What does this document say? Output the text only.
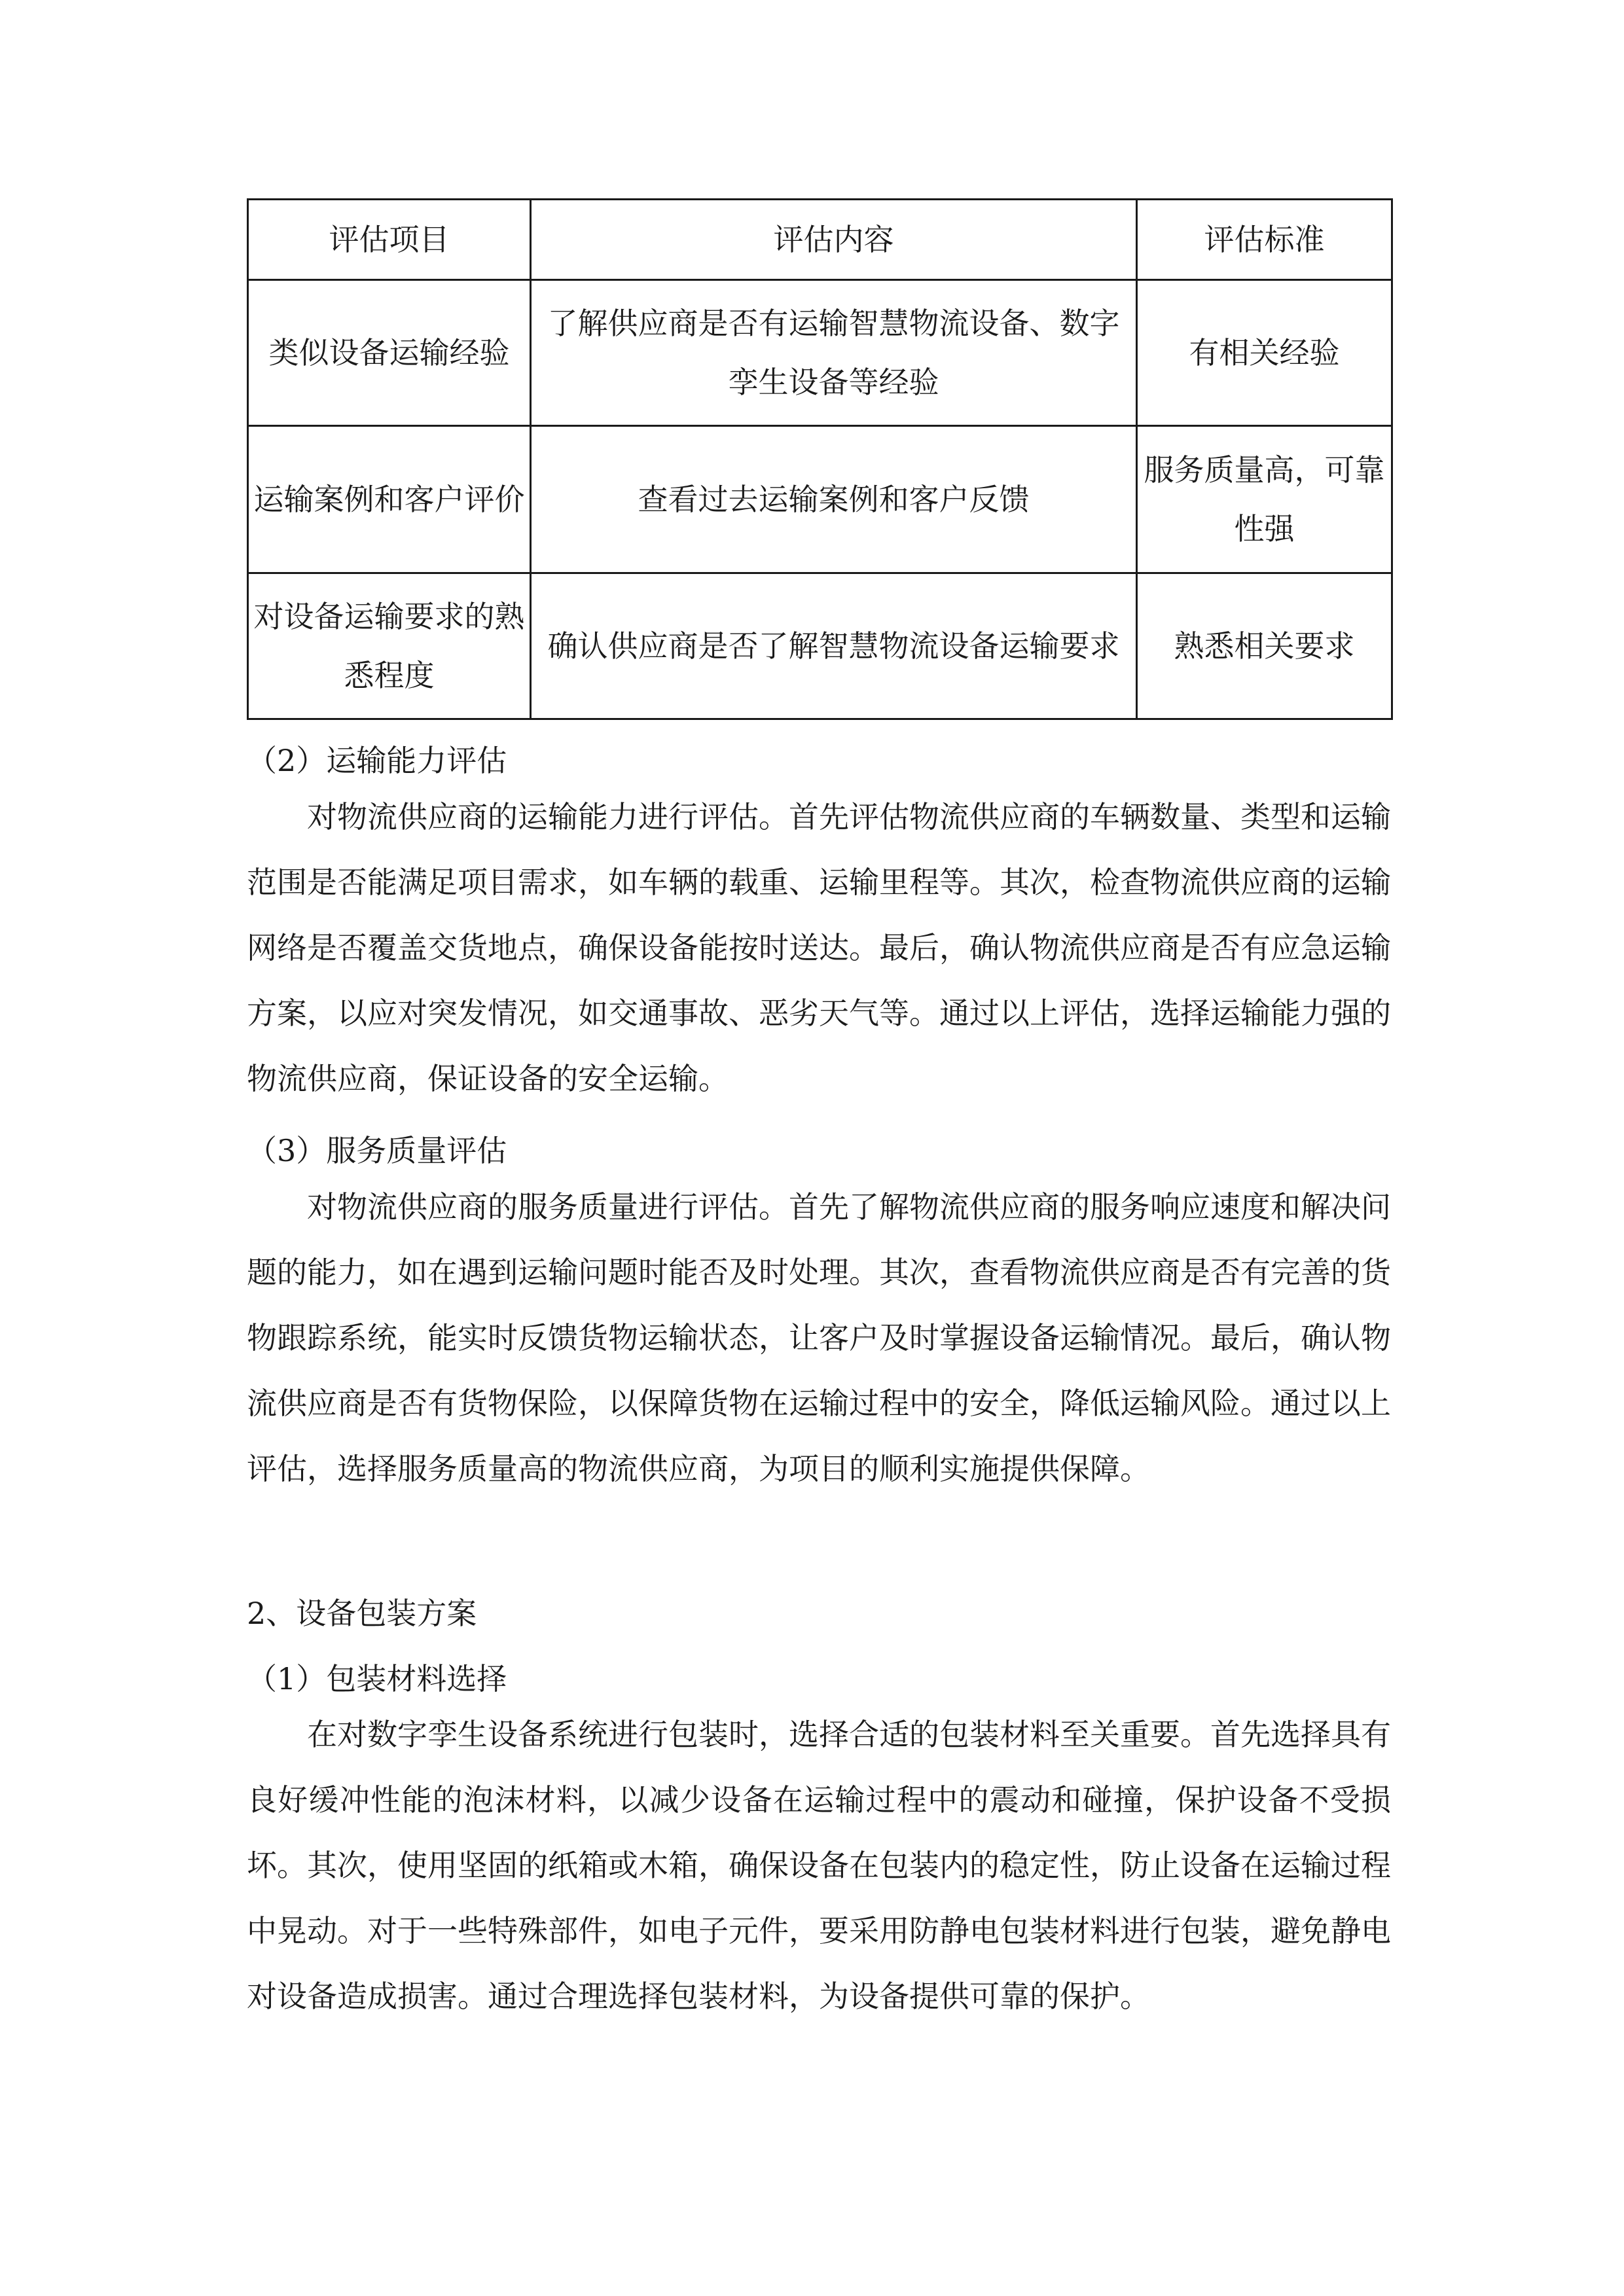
评估项目	评估内容	评估标准
类似设备运输经验	了解供应商是否有运输智慧物流设备、数字孪生设备等经验	有相关经验
运输案例和客户评价	查看过去运输案例和客户反馈	服务质量高，可靠性强
对设备运输要求的熟悉程度	确认供应商是否了解智慧物流设备运输要求	熟悉相关要求
（2）运输能力评估
对物流供应商的运输能力进行评估。首先评估物流供应商的车辆数量、类型和运输范围是否能满足项目需求，如车辆的载重、运输里程等。其次，检查物流供应商的运输网络是否覆盖交货地点，确保设备能按时送达。最后，确认物流供应商是否有应急运输方案，以应对突发情况，如交通事故、恶劣天气等。通过以上评估，选择运输能力强的物流供应商，保证设备的安全运输。
（3）服务质量评估
对物流供应商的服务质量进行评估。首先了解物流供应商的服务响应速度和解决问题的能力，如在遇到运输问题时能否及时处理。其次，查看物流供应商是否有完善的货物跟踪系统，能实时反馈货物运输状态，让客户及时掌握设备运输情况。最后，确认物流供应商是否有货物保险，以保障货物在运输过程中的安全，降低运输风险。通过以上评估，选择服务质量高的物流供应商，为项目的顺利实施提供保障。
2、设备包装方案
（1）包装材料选择
在对数字孪生设备系统进行包装时，选择合适的包装材料至关重要。首先选择具有良好缓冲性能的泡沫材料，以减少设备在运输过程中的震动和碰撞，保护设备不受损坏。其次，使用坚固的纸箱或木箱，确保设备在包装内的稳定性，防止设备在运输过程中晃动。对于一些特殊部件，如电子元件，要采用防静电包装材料进行包装，避免静电对设备造成损害。通过合理选择包装材料，为设备提供可靠的保护。
